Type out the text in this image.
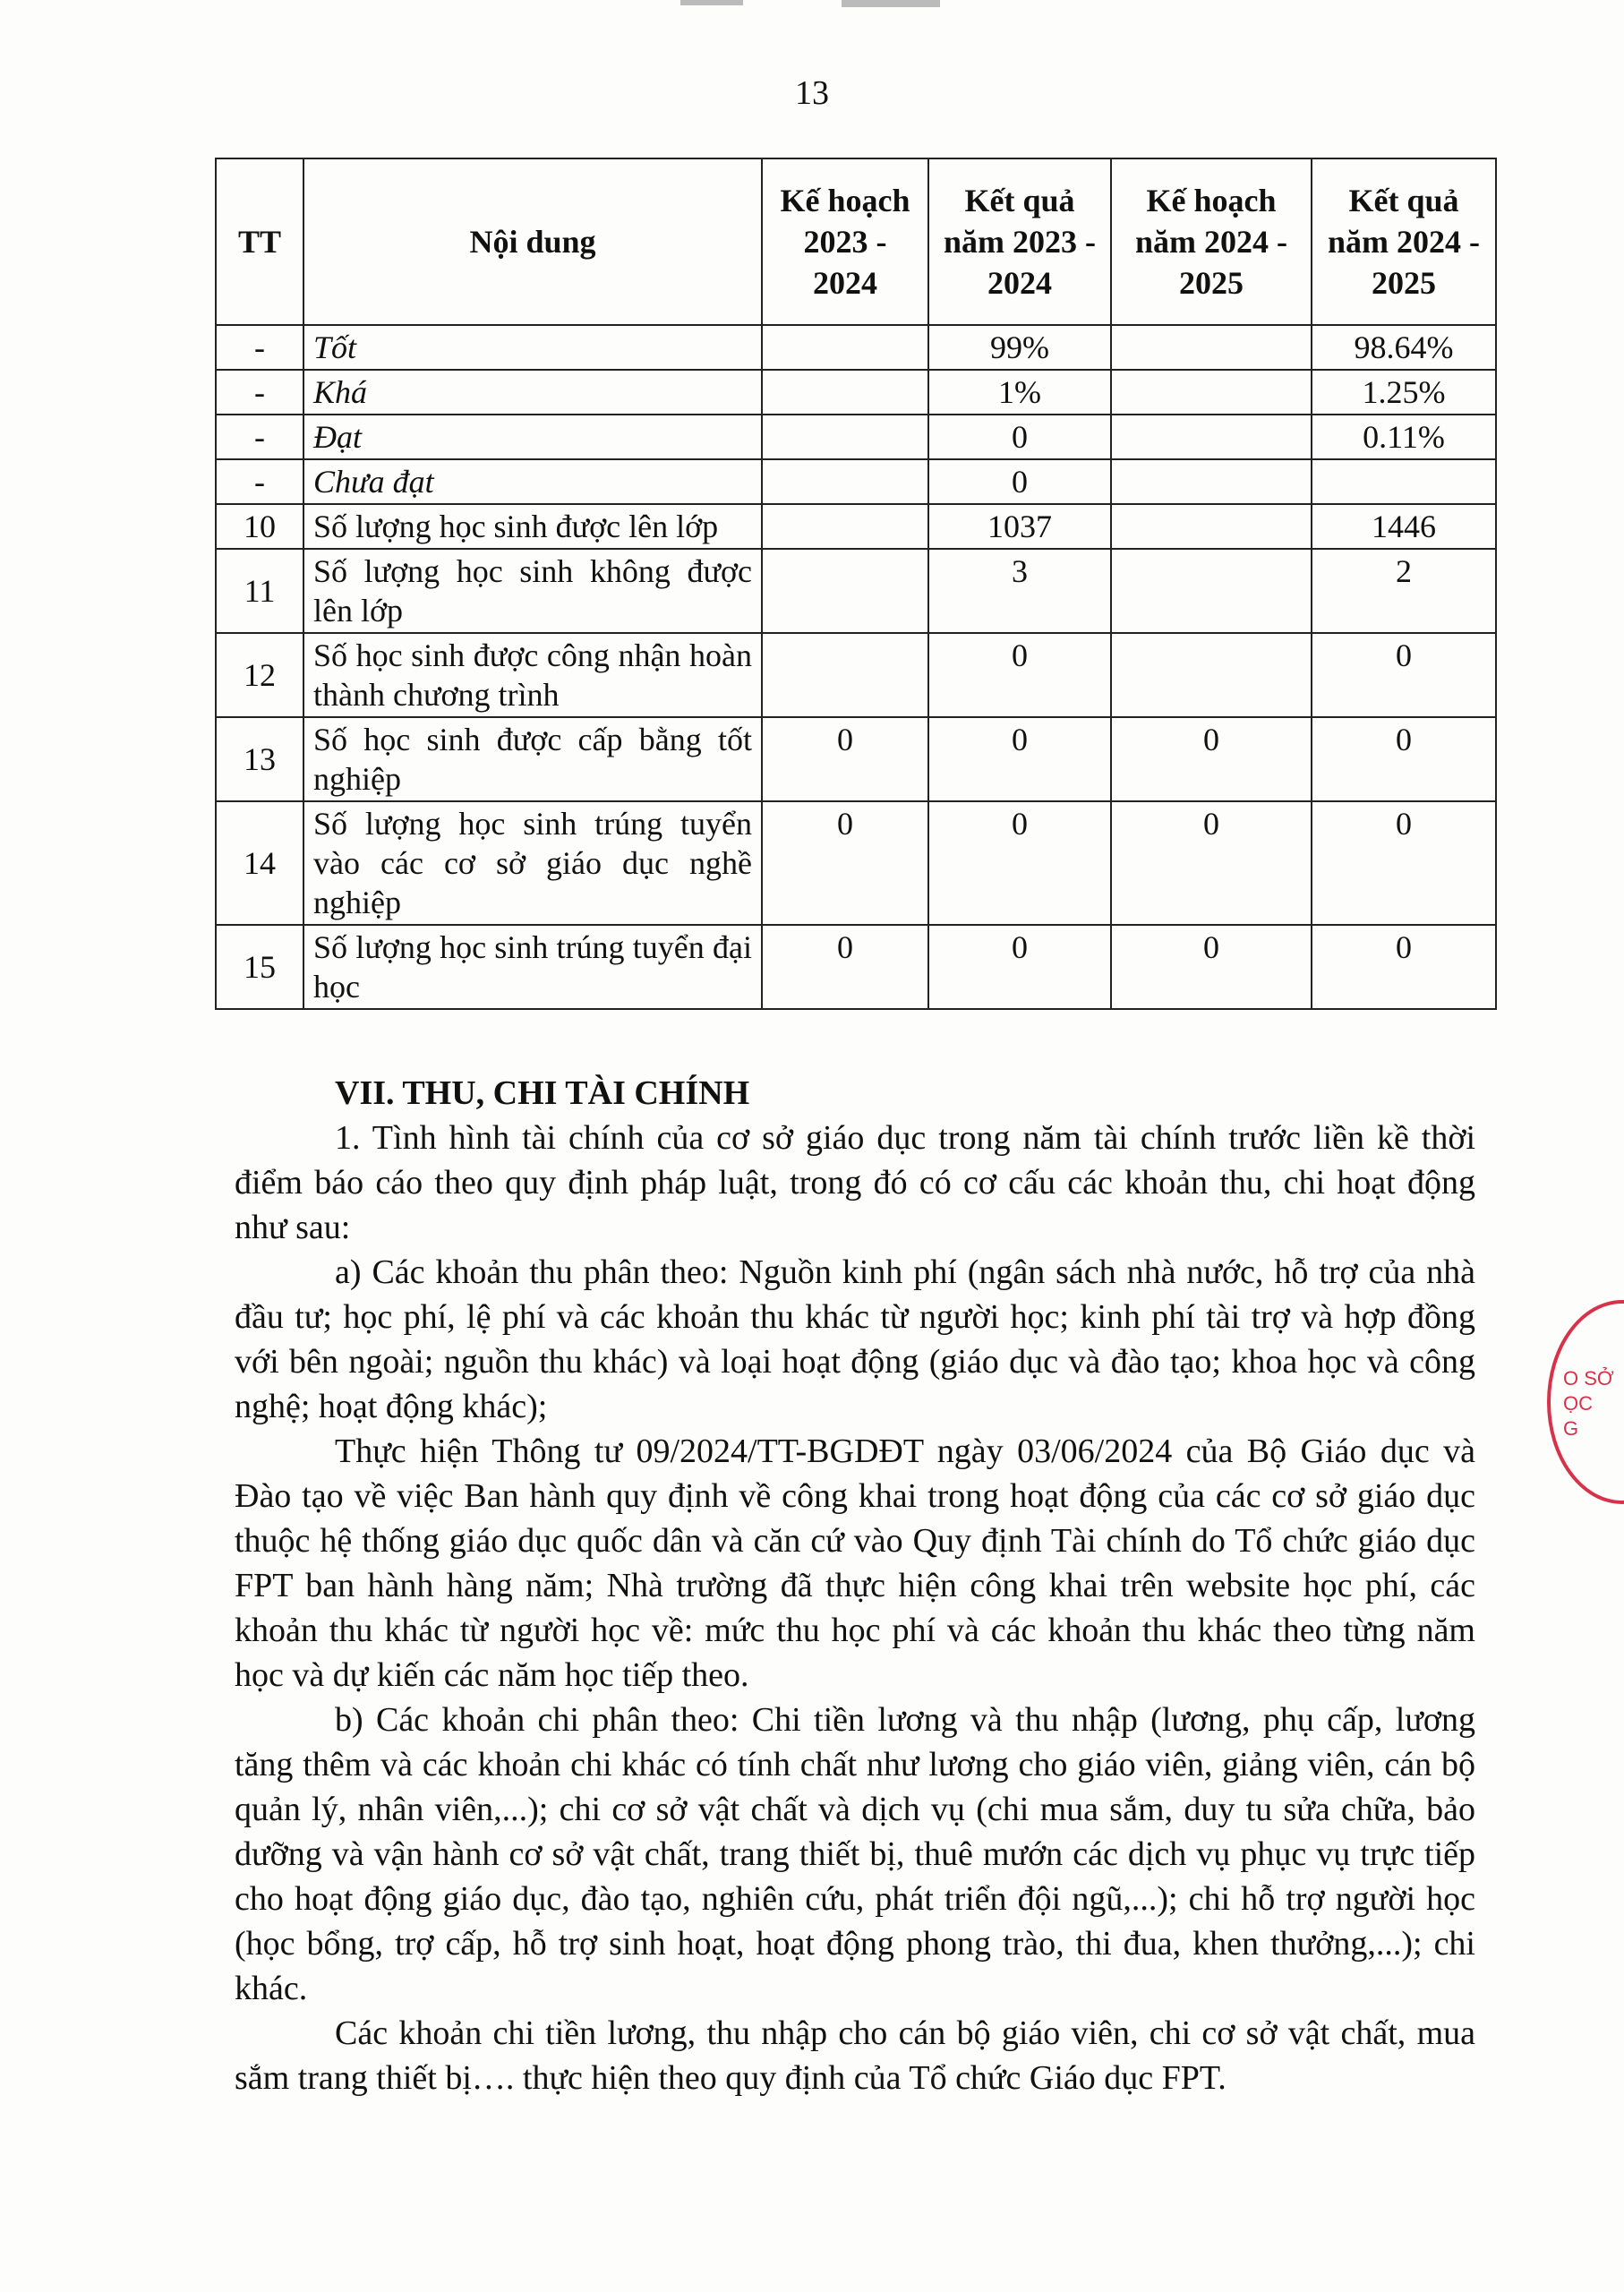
13
TT	Nội dung	Kế hoạch 2023 - 2024	Kết quả năm 2023 - 2024	Kế hoạch năm 2024 - 2025	Kết quả năm 2024 - 2025
-	Tốt		99%		98.64%
-	Khá		1%		1.25%
-	Đạt		0		0.11%
-	Chưa đạt		0		
10	Số lượng học sinh được lên lớp		1037		1446
11	Số lượng học sinh không được lên lớp		3		2
12	Số học sinh được công nhận hoàn thành chương trình		0		0
13	Số học sinh được cấp bằng tốt nghiệp	0	0	0	0
14	Số lượng học sinh trúng tuyển vào các cơ sở giáo dục nghề nghiệp	0	0	0	0
15	Số lượng học sinh trúng tuyển đại học	0	0	0	0
VII. THU, CHI TÀI CHÍNH

1. Tình hình tài chính của cơ sở giáo dục trong năm tài chính trước liền kề thời điểm báo cáo theo quy định pháp luật, trong đó có cơ cấu các khoản thu, chi hoạt động như sau:

a) Các khoản thu phân theo: Nguồn kinh phí (ngân sách nhà nước, hỗ trợ của nhà đầu tư; học phí, lệ phí và các khoản thu khác từ người học; kinh phí tài trợ và hợp đồng với bên ngoài; nguồn thu khác) và loại hoạt động (giáo dục và đào tạo; khoa học và công nghệ; hoạt động khác);

Thực hiện Thông tư 09/2024/TT-BGDĐT ngày 03/06/2024 của Bộ Giáo dục và Đào tạo về việc Ban hành quy định về công khai trong hoạt động của các cơ sở giáo dục thuộc hệ thống giáo dục quốc dân và căn cứ vào Quy định Tài chính do Tổ chức giáo dục FPT ban hành hàng năm; Nhà trường đã thực hiện công khai trên website học phí, các khoản thu khác từ người học về: mức thu học phí và các khoản thu khác theo từng năm học và dự kiến các năm học tiếp theo.

b) Các khoản chi phân theo: Chi tiền lương và thu nhập (lương, phụ cấp, lương tăng thêm và các khoản chi khác có tính chất như lương cho giáo viên, giảng viên, cán bộ quản lý, nhân viên,...); chi cơ sở vật chất và dịch vụ (chi mua sắm, duy tu sửa chữa, bảo dưỡng và vận hành cơ sở vật chất, trang thiết bị, thuê mướn các dịch vụ phục vụ trực tiếp cho hoạt động giáo dục, đào tạo, nghiên cứu, phát triển đội ngũ,...); chi hỗ trợ người học (học bổng, trợ cấp, hỗ trợ sinh hoạt, hoạt động phong trào, thi đua, khen thưởng,...); chi khác.

Các khoản chi tiền lương, thu nhập cho cán bộ giáo viên, chi cơ sở vật chất, mua sắm trang thiết bị…. thực hiện theo quy định của Tổ chức Giáo dục FPT.

O SỞ
ỌC
G
